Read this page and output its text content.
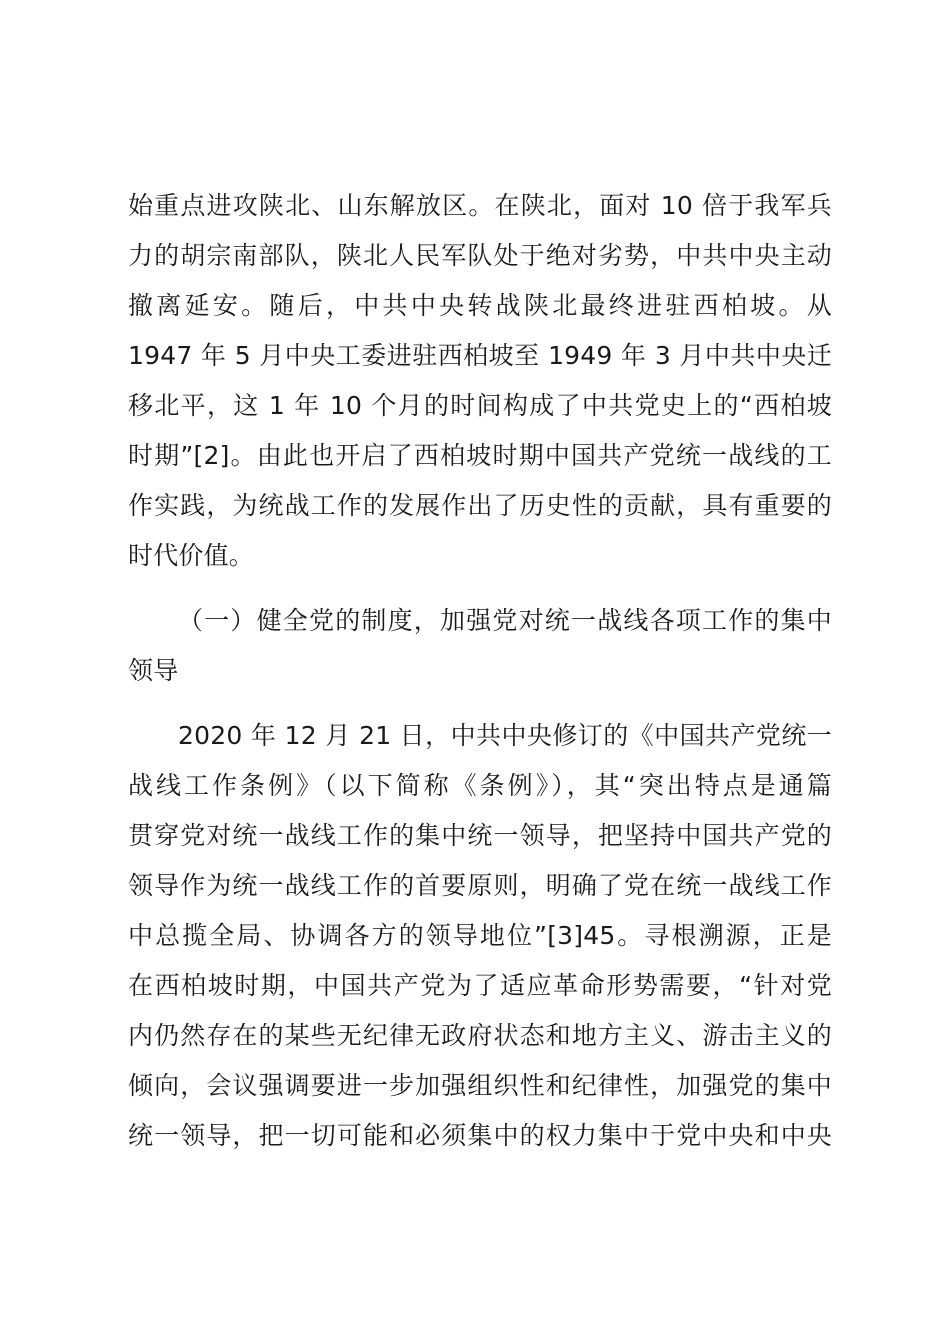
始重点进攻陕北、山东解放区。在陕北，面对 10 倍于我军兵
力的胡宗南部队，陕北人民军队处于绝对劣势，中共中央主动
撤离延安。随后，中共中央转战陕北最终进驻西柏坡。从
1947 年 5 月中央工委进驻西柏坡至 1949 年 3 月中共中央迁
移北平，这 1 年 10 个月的时间构成了中共党史上的“西柏坡
时期”[2]。由此也开启了西柏坡时期中国共产党统一战线的工
作实践，为统战工作的发展作出了历史性的贡献，具有重要的
时代价值。
（一）健全党的制度，加强党对统一战线各项工作的集中
领导
2020 年 12 月 21 日，中共中央修订的《中国共产党统一
战线工作条例》（以下简称《条例》），其“突出特点是通篇
贯穿党对统一战线工作的集中统一领导，把坚持中国共产党的
领导作为统一战线工作的首要原则，明确了党在统一战线工作
中总揽全局、协调各方的领导地位”[3]45。寻根溯源，正是
在西柏坡时期，中国共产党为了适应革命形势需要，“针对党
内仍然存在的某些无纪律无政府状态和地方主义、游击主义的
倾向，会议强调要进一步加强组织性和纪律性，加强党的集中
统一领导，把一切可能和必须集中的权力集中于党中央和中央
